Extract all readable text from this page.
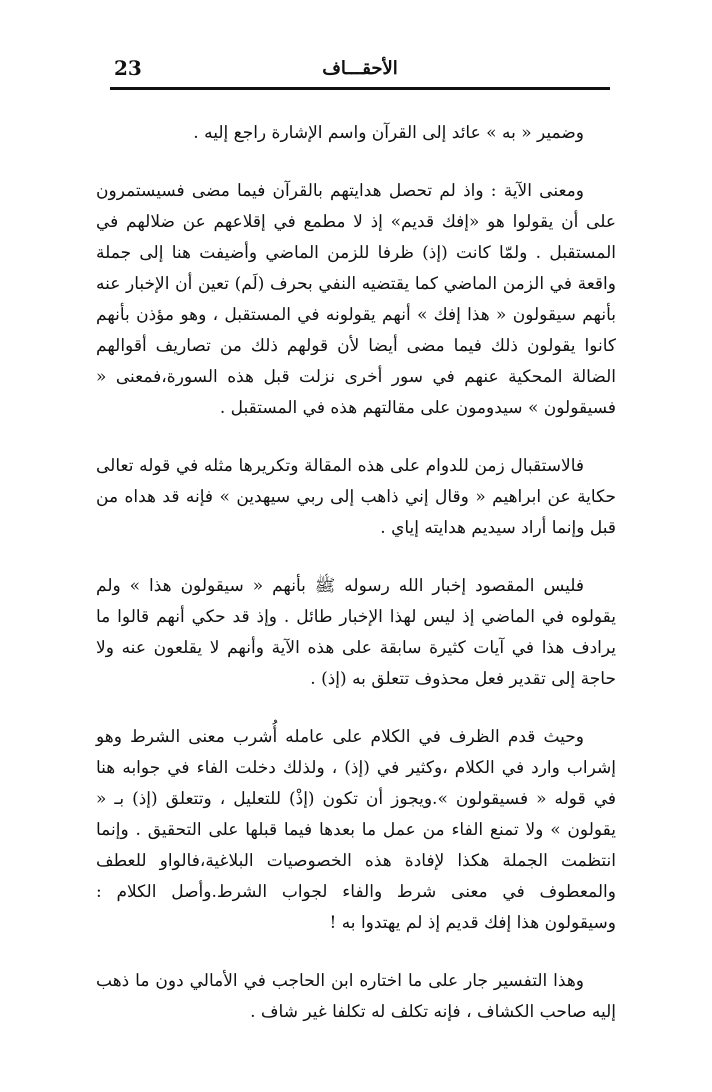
23	الأحقـــاف

وضمير « به » عائد إلى القرآن واسم الإشارة راجع إليه .

ومعنى الآية : واذ لم تحصل هدايتهم بالقرآن فيما مضى فسيستمرون على أن يقولوا هو «إفك قديم» إذ لا مطمع في إقلاعهم عن ضلالهم في المستقبل . ولمّا كانت (إذ) ظرفا للزمن الماضي وأضيفت هنا إلى جملة واقعة في الزمن الماضي كما يقتضيه النفي بحرف (لَم) تعين أن الإخبار عنه بأنهم سيقولون « هذا إفك » أنهم يقولونه في المستقبل ، وهو مؤذن بأنهم كانوا يقولون ذلك فيما مضى أيضا لأن قولهم ذلك من تصاريف أقوالهم الضالة المحكية عنهم في سور أخرى نزلت قبل هذه السورة،فمعنى « فسيقولون » سيدومون على مقالتهم هذه في المستقبل .

فالاستقبال زمن للدوام على هذه المقالة وتكريرها مثله في قوله تعالى حكاية عن ابراهيم « وقال إني ذاهب إلى ربي سيهدين » فإنه قد هداه من قبل وإنما أراد سيديم هدايته إياي .

فليس المقصود إخبار الله رسوله ﷺ بأنهم « سيقولون هذا » ولم يقولوه في الماضي إذ ليس لهذا الإخبار طائل . وإذ قد حكي أنهم قالوا ما يرادف هذا في آيات كثيرة سابقة على هذه الآية وأنهم لا يقلعون عنه ولا حاجة إلى تقدير فعل محذوف تتعلق به (إذ) .

وحيث قدم الظرف في الكلام على عامله أُشرب معنى الشرط وهو إشراب وارد في الكلام ،وكثير في (إذ) ، ولذلك دخلت الفاء في جوابه هنا في قوله « فسيقولون ».ويجوز أن تكون (إذْ) للتعليل ، وتتعلق (إذ) بـ « يقولون » ولا تمنع الفاء من عمل ما بعدها فيما قبلها على التحقيق . وإنما انتظمت الجملة هكذا لإفادة هذه الخصوصيات البلاغية،فالواو للعطف والمعطوف في معنى شرط والفاء لجواب الشرط.وأصل الكلام : وسيقولون هذا إفك قديم إذ لم يهتدوا به !

وهذا التفسير جار على ما اختاره ابن الحاجب في الأمالي دون ما ذهب إليه صاحب الكشاف ، فإنه تكلف له تكلفا غير شاف .
